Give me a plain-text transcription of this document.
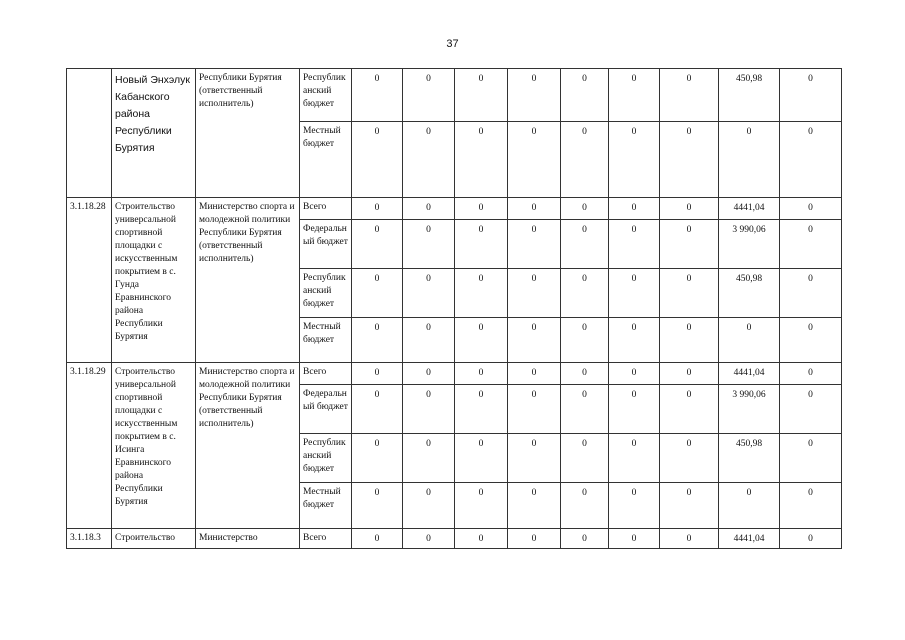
37
	Новый Энхэлук Кабанского района Республики Бурятия	Республики Бурятия (ответственный исполнитель)	Республиканский бюджет	0	0	0	0	0	0	0	450,98	0
			Местный бюджет	0	0	0	0	0	0	0	0	0
3.1.18.28	Строительство универсальной спортивной площадки с искусственным покрытием в с. Гунда Еравнинского района Республики Бурятия	Министерство спорта и молодежной политики Республики Бурятия (ответственный исполнитель)	Всего	0	0	0	0	0	0	0	4441,04	0
			Федеральный бюджет	0	0	0	0	0	0	0	3 990,06	0
			Республиканский бюджет	0	0	0	0	0	0	0	450,98	0
			Местный бюджет	0	0	0	0	0	0	0	0	0
3.1.18.29	Строительство универсальной спортивной площадки с искусственным покрытием в с. Исинга Еравнинского района Республики Бурятия	Министерство спорта и молодежной политики Республики Бурятия (ответственный исполнитель)	Всего	0	0	0	0	0	0	0	4441,04	0
			Федеральный бюджет	0	0	0	0	0	0	0	3 990,06	0
			Республиканский бюджет	0	0	0	0	0	0	0	450,98	0
			Местный бюджет	0	0	0	0	0	0	0	0	0
3.1.18.3	Строительство	Министерство	Всего	0	0	0	0	0	0	0	4441,04	0
